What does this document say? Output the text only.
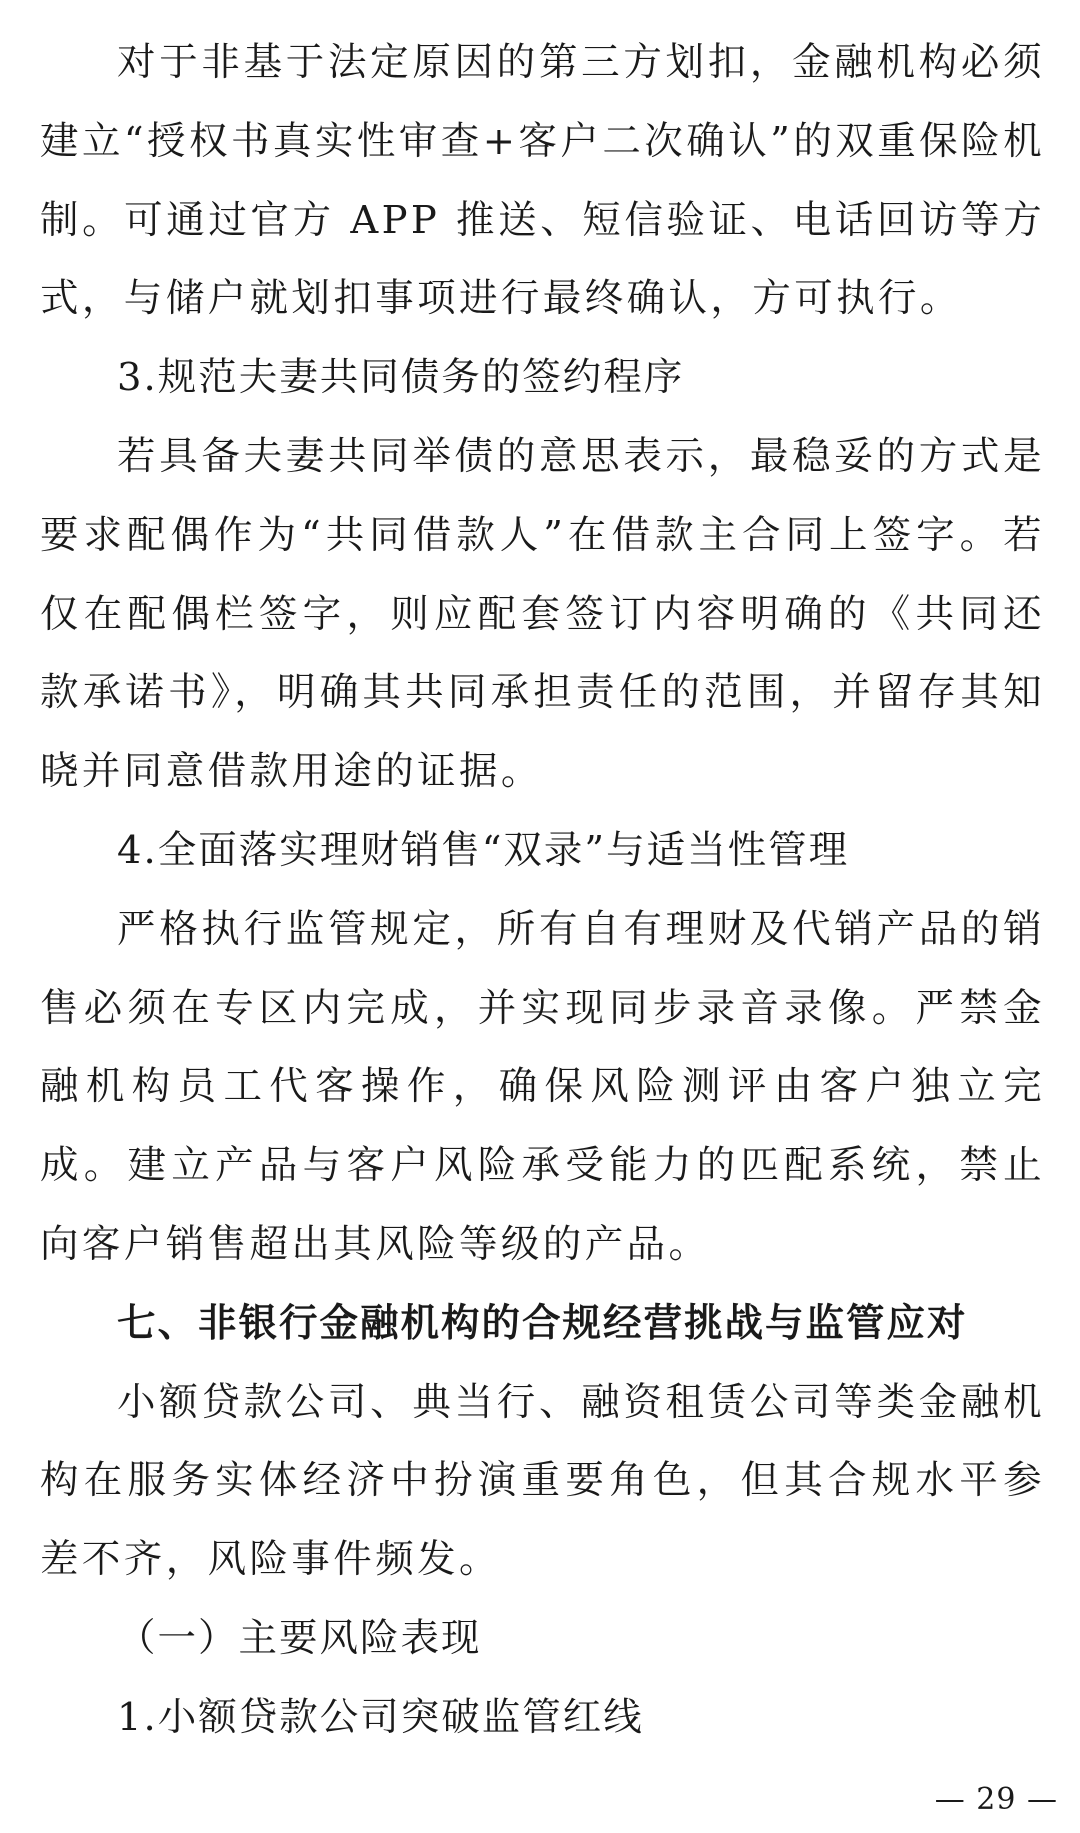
对于非基于法定原因的第三方划扣，金融机构必须建立“授权书真实性审查+客户二次确认”的双重保险机制。可通过官方 APP 推送、短信验证、电话回访等方式，与储户就划扣事项进行最终确认，方可执行。

3.规范夫妻共同债务的签约程序

若具备夫妻共同举债的意思表示，最稳妥的方式是要求配偶作为“共同借款人”在借款主合同上签字。若仅在配偶栏签字，则应配套签订内容明确的《共同还款承诺书》，明确其共同承担责任的范围，并留存其知晓并同意借款用途的证据。

4.全面落实理财销售“双录”与适当性管理

严格执行监管规定，所有自有理财及代销产品的销售必须在专区内完成，并实现同步录音录像。严禁金融机构员工代客操作，确保风险测评由客户独立完成。建立产品与客户风险承受能力的匹配系统，禁止向客户销售超出其风险等级的产品。

七、非银行金融机构的合规经营挑战与监管应对

小额贷款公司、典当行、融资租赁公司等类金融机构在服务实体经济中扮演重要角色，但其合规水平参差不齐，风险事件频发。

（一）主要风险表现

1.小额贷款公司突破监管红线

— 29 —
